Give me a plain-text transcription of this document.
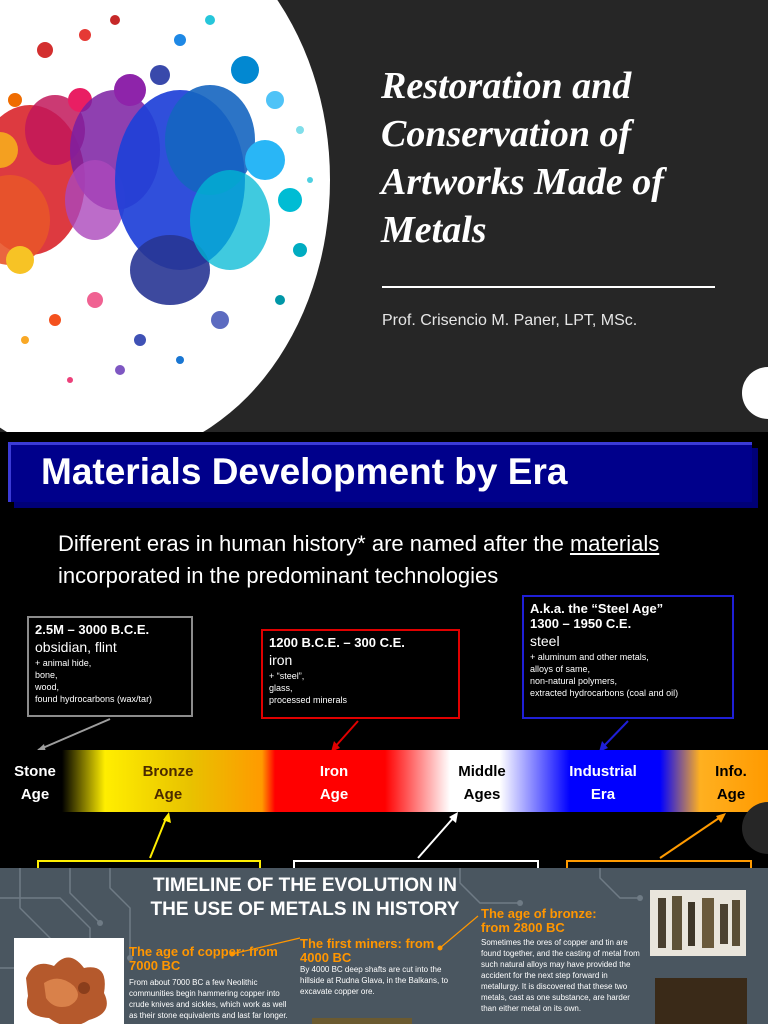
Restoration and Conservation of Artworks Made of Metals

Prof. Crisencio M. Paner, LPT, MSc.

Materials Development by Era

Different eras in human history* are named after the materials incorporated in the predominant technologies

2.5M – 3000 B.C.E.
obsidian, flint
+ animal hide,
bone,
wood,
found hydrocarbons (wax/tar)
1200 B.C.E. – 300 C.E.
iron
+ “steel”,
glass,
processed minerals
A.k.a. the “Steel Age”
1300 – 1950 C.E.
steel
+ aluminum and other metals,
alloys of same,
non-natural polymers,
extracted hydrocarbons (coal and oil)
Stone
Age
Bronze
Age
Iron
Age
Middle
Ages
Industrial
Era
Info.
Age
TIMELINE OF THE EVOLUTION IN THE USE OF METALS IN HISTORY
The age of copper: from 7000 BC

From about 7000 BC a few Neolithic communities begin hammering copper into crude knives and sickles, which work as well as their stone equivalents and last far longer.

The first miners: from 4000 BC

By 4000 BC deep shafts are cut into the hillside at Rudna Glava, in the Balkans, to excavate copper ore.

The age of bronze: from 2800 BC

Sometimes the ores of copper and tin are found together, and the casting of metal from such natural alloys may have provided the accident for the next step forward in metallurgy. It is discovered that these two metals, cast as one substance, are harder than either metal on its own.
